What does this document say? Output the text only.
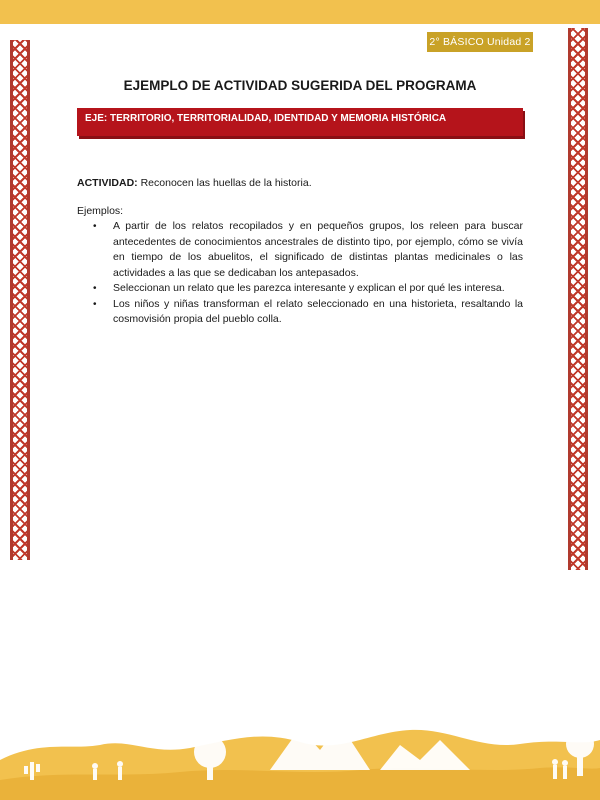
2° BÁSICO Unidad 2
EJEMPLO DE ACTIVIDAD SUGERIDA DEL PROGRAMA
EJE: TERRITORIO, TERRITORIALIDAD, IDENTIDAD Y MEMORIA HISTÓRICA
ACTIVIDAD: Reconocen las huellas de la historia.
Ejemplos:
• A partir de los relatos recopilados y en pequeños grupos, los releen para buscar antecedentes de conocimientos ancestrales de distinto tipo, por ejemplo, cómo se vivía en tiempo de los abuelitos, el significado de distintas plantas medicinales o las actividades a las que se dedicaban los antepasados.
• Seleccionan un relato que les parezca interesante y explican el por qué les interesa.
• Los niños y niñas transforman el relato seleccionado en una historieta, resaltando la cosmovisión propia del pueblo colla.
